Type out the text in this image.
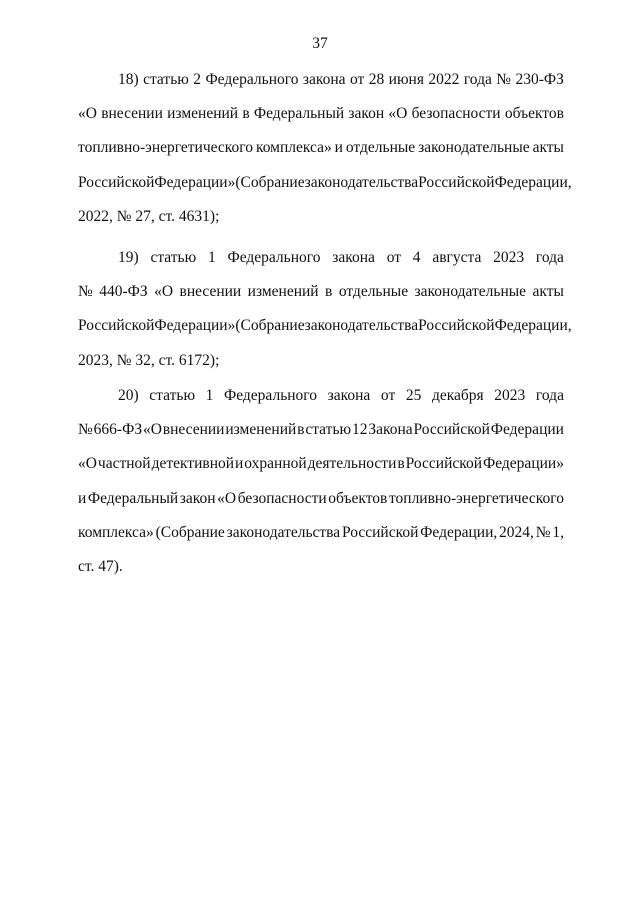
37
18) статью 2 Федерального закона от 28 июня 2022 года № 230-ФЗ
«О внесении изменений в Федеральный закон «О безопасности объектов
топливно-энергетического комплекса» и отдельные законодательные акты
Российской Федерации» (Собрание законодательства Российской Федерации,
2022, № 27, ст. 4631);
19) статью 1 Федерального закона от 4 августа 2023 года
№ 440-ФЗ «О внесении изменений в отдельные законодательные акты
Российской Федерации» (Собрание законодательства Российской Федерации,
2023, № 32, ст. 6172);
20) статью 1 Федерального закона от 25 декабря 2023 года
№ 666-ФЗ «О внесении изменений в статью 12 Закона Российской Федерации
«О частной детективной и охранной деятельности в Российской Федерации»
и Федеральный закон «О безопасности объектов топливно-энергетического
комплекса» (Собрание законодательства Российской Федерации, 2024, № 1,
ст. 47).
